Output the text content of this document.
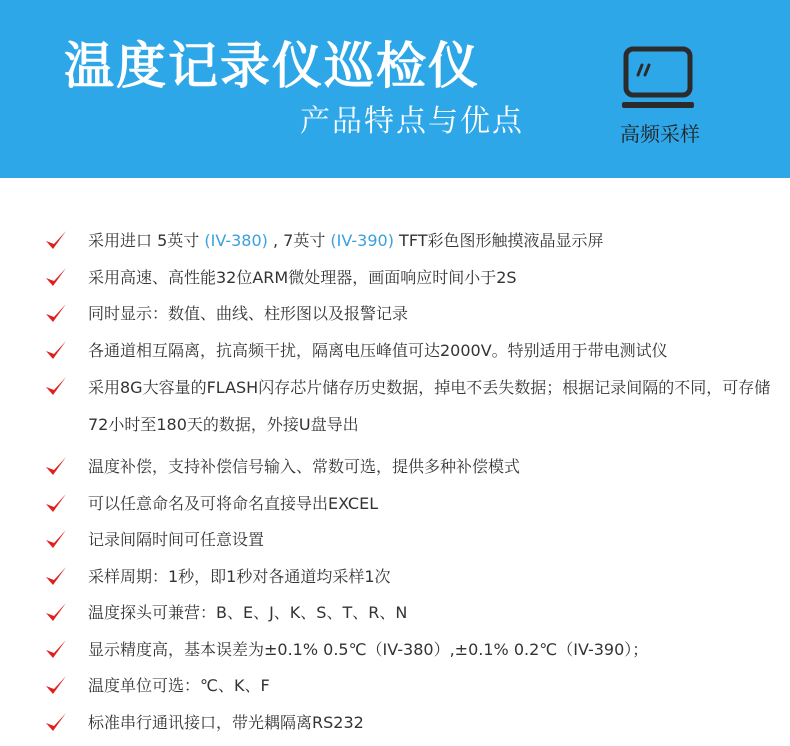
温度记录仪巡检仪
产品特点与优点	高频采样
采用进口 5英寸 (IV-380) , 7英寸 (IV-390) TFT彩色图形触摸液晶显示屏
采用高速、高性能32位ARM微处理器，画面响应时间小于2S
同时显示：数值、曲线、柱形图以及报警记录
各通道相互隔离，抗高频干扰，隔离电压峰值可达2000V。特别适用于带电测试仪
采用8G大容量的FLASH闪存芯片储存历史数据，掉电不丢失数据；根据记录间隔的不同，可存储72小时至180天的数据，外接U盘导出
温度补偿，支持补偿信号输入、常数可选，提供多种补偿模式
可以任意命名及可将命名直接导出EXCEL
记录间隔时间可任意设置
采样周期：1秒，即1秒对各通道均采样1次
温度探头可兼营：B、E、J、K、S、T、R、N
显示精度高，基本误差为±0.1% 0.5℃（IV-380）,±0.1% 0.2℃（IV-390）；
温度单位可选：℃、K、F
标准串行通讯接口，带光耦隔离RS232
